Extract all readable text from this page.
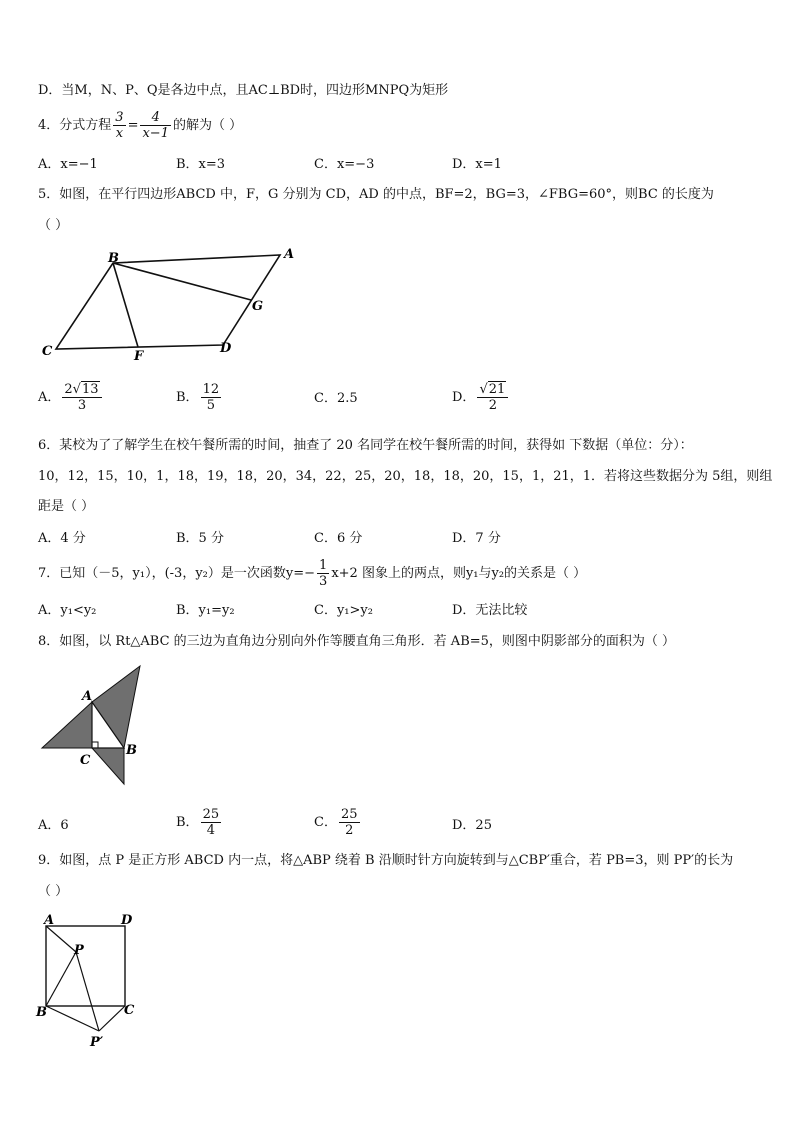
D．当M，N、P、Q是各边中点，且AC⊥BD时，四边形MNPQ为矩形
4．分式方程 $\frac{3}{x} = \frac{4}{x-1}$ 的解为（ ）
A．x=−1	B．x=3	C．x=−3	D．x=1
5．如图，在平行四边形ABCD 中，F，G 分别为 CD，AD 的中点，BF=2，BG=3，∠FBG=60°，则BC 的长度为
（ ）
B	A
G
C	F
D
A． $\frac{2√13}{3}$	B． $\frac{12}{5}$	C．2.5	D． $\frac{√21}{2}$
6．某校为了了解学生在校午餐所需的时间，抽查了 20 名同学在校午餐所需的时间，获得如 下数据（单位：分）：
10，12，15，10，1，18，19，18，20，34，22，25，20，18，18，20，15，1，21，1．若将这些数据分为 5组，则组
距是（ ）
A．4 分	B．5 分	C．6 分	D．7 分
7．已知（－5，y₁），(-3，y₂）是一次函数$y=- \frac{1}{3} x+2$ 图象上的两点，则y₁与y₂的关系是（ ）
A．y₁<y₂	B．y₁=y₂	C．y₁>y₂	D．无法比较
8．如图，以 Rt△ABC 的三边为直角边分别向外作等腰直角三角形．若 AB=5，则图中阴影部分的面积为（ ）
A
B
C
A．6	B． $\frac{25}{4}$	C． $\frac{25}{2}$	D．25
9．如图，点 P 是正方形 ABCD 内一点，将△ABP 绕着 B 沿顺时针方向旋转到与△CBP′重合，若 PB=3，则 PP′的长为
（ ）
A	D
P
B	C
P′
